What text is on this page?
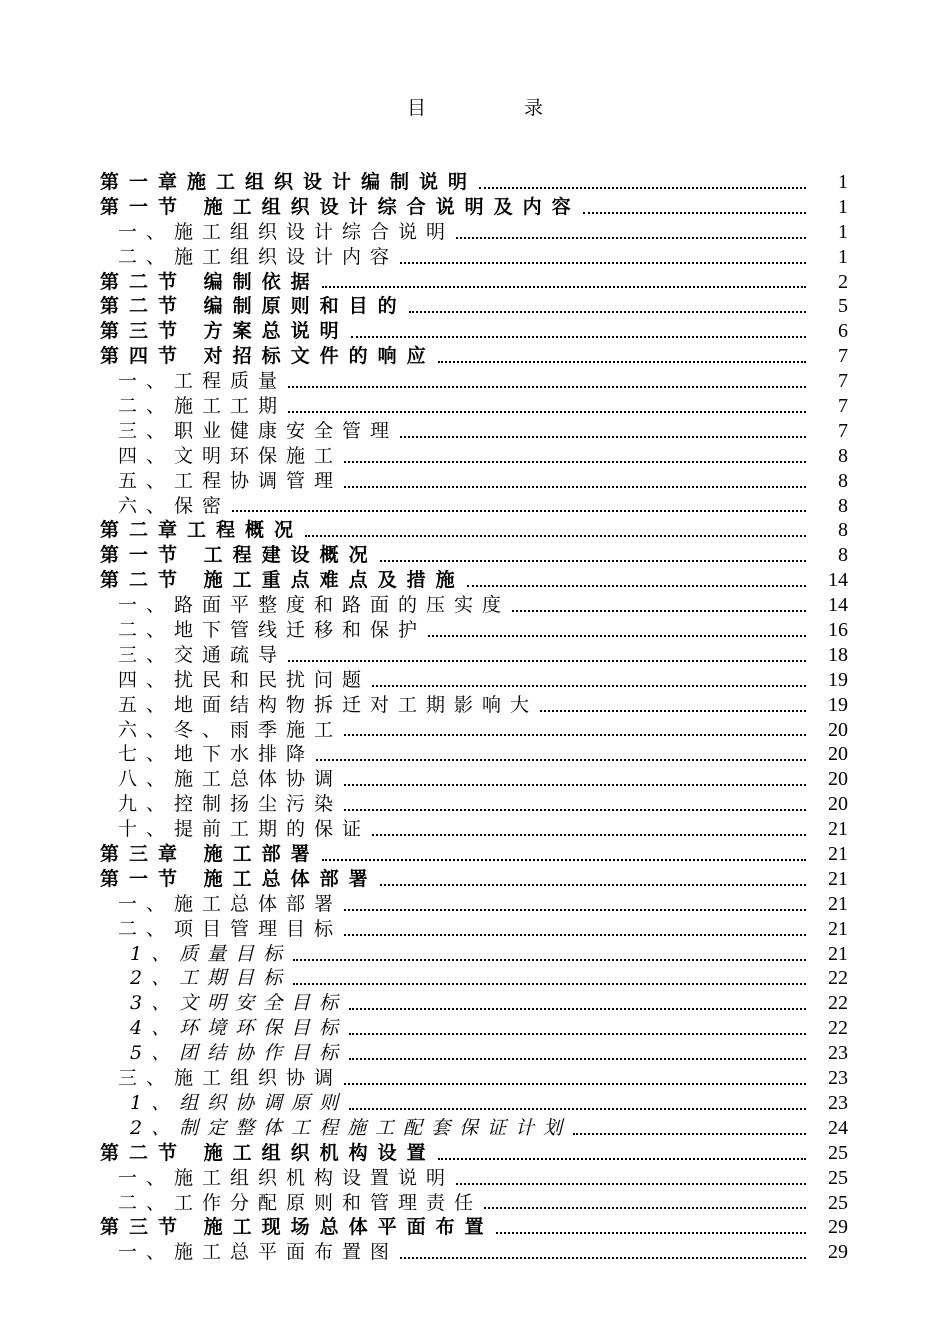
目 录
第一章施工组织设计编制说明	1
第一节 施工组织设计综合说明及内容	1
一、施工组织设计综合说明	1
二、施工组织设计内容	1
第二节 编制依据	2
第二节 编制原则和目的	5
第三节 方案总说明	6
第四节 对招标文件的响应	7
一、工程质量	7
二、施工工期	7
三、职业健康安全管理	7
四、文明环保施工	8
五、工程协调管理	8
六、保密	8
第二章工程概况	8
第一节 工程建设概况	8
第二节 施工重点难点及措施	14
一、路面平整度和路面的压实度	14
二、地下管线迁移和保护	16
三、交通疏导	18
四、扰民和民扰问题	19
五、地面结构物拆迁对工期影响大	19
六、冬、雨季施工	20
七、地下水排降	20
八、施工总体协调	20
九、控制扬尘污染	20
十、提前工期的保证	21
第三章 施工部署	21
第一节 施工总体部署	21
一、施工总体部署	21
二、项目管理目标	21
1、质量目标	21
2、工期目标	22
3、文明安全目标	22
4、环境环保目标	22
5、团结协作目标	23
三、施工组织协调	23
1、组织协调原则	23
2、制定整体工程施工配套保证计划	24
第二节 施工组织机构设置	25
一、施工组织机构设置说明	25
二、工作分配原则和管理责任	25
第三节 施工现场总体平面布置	29
一、施工总平面布置图	29
